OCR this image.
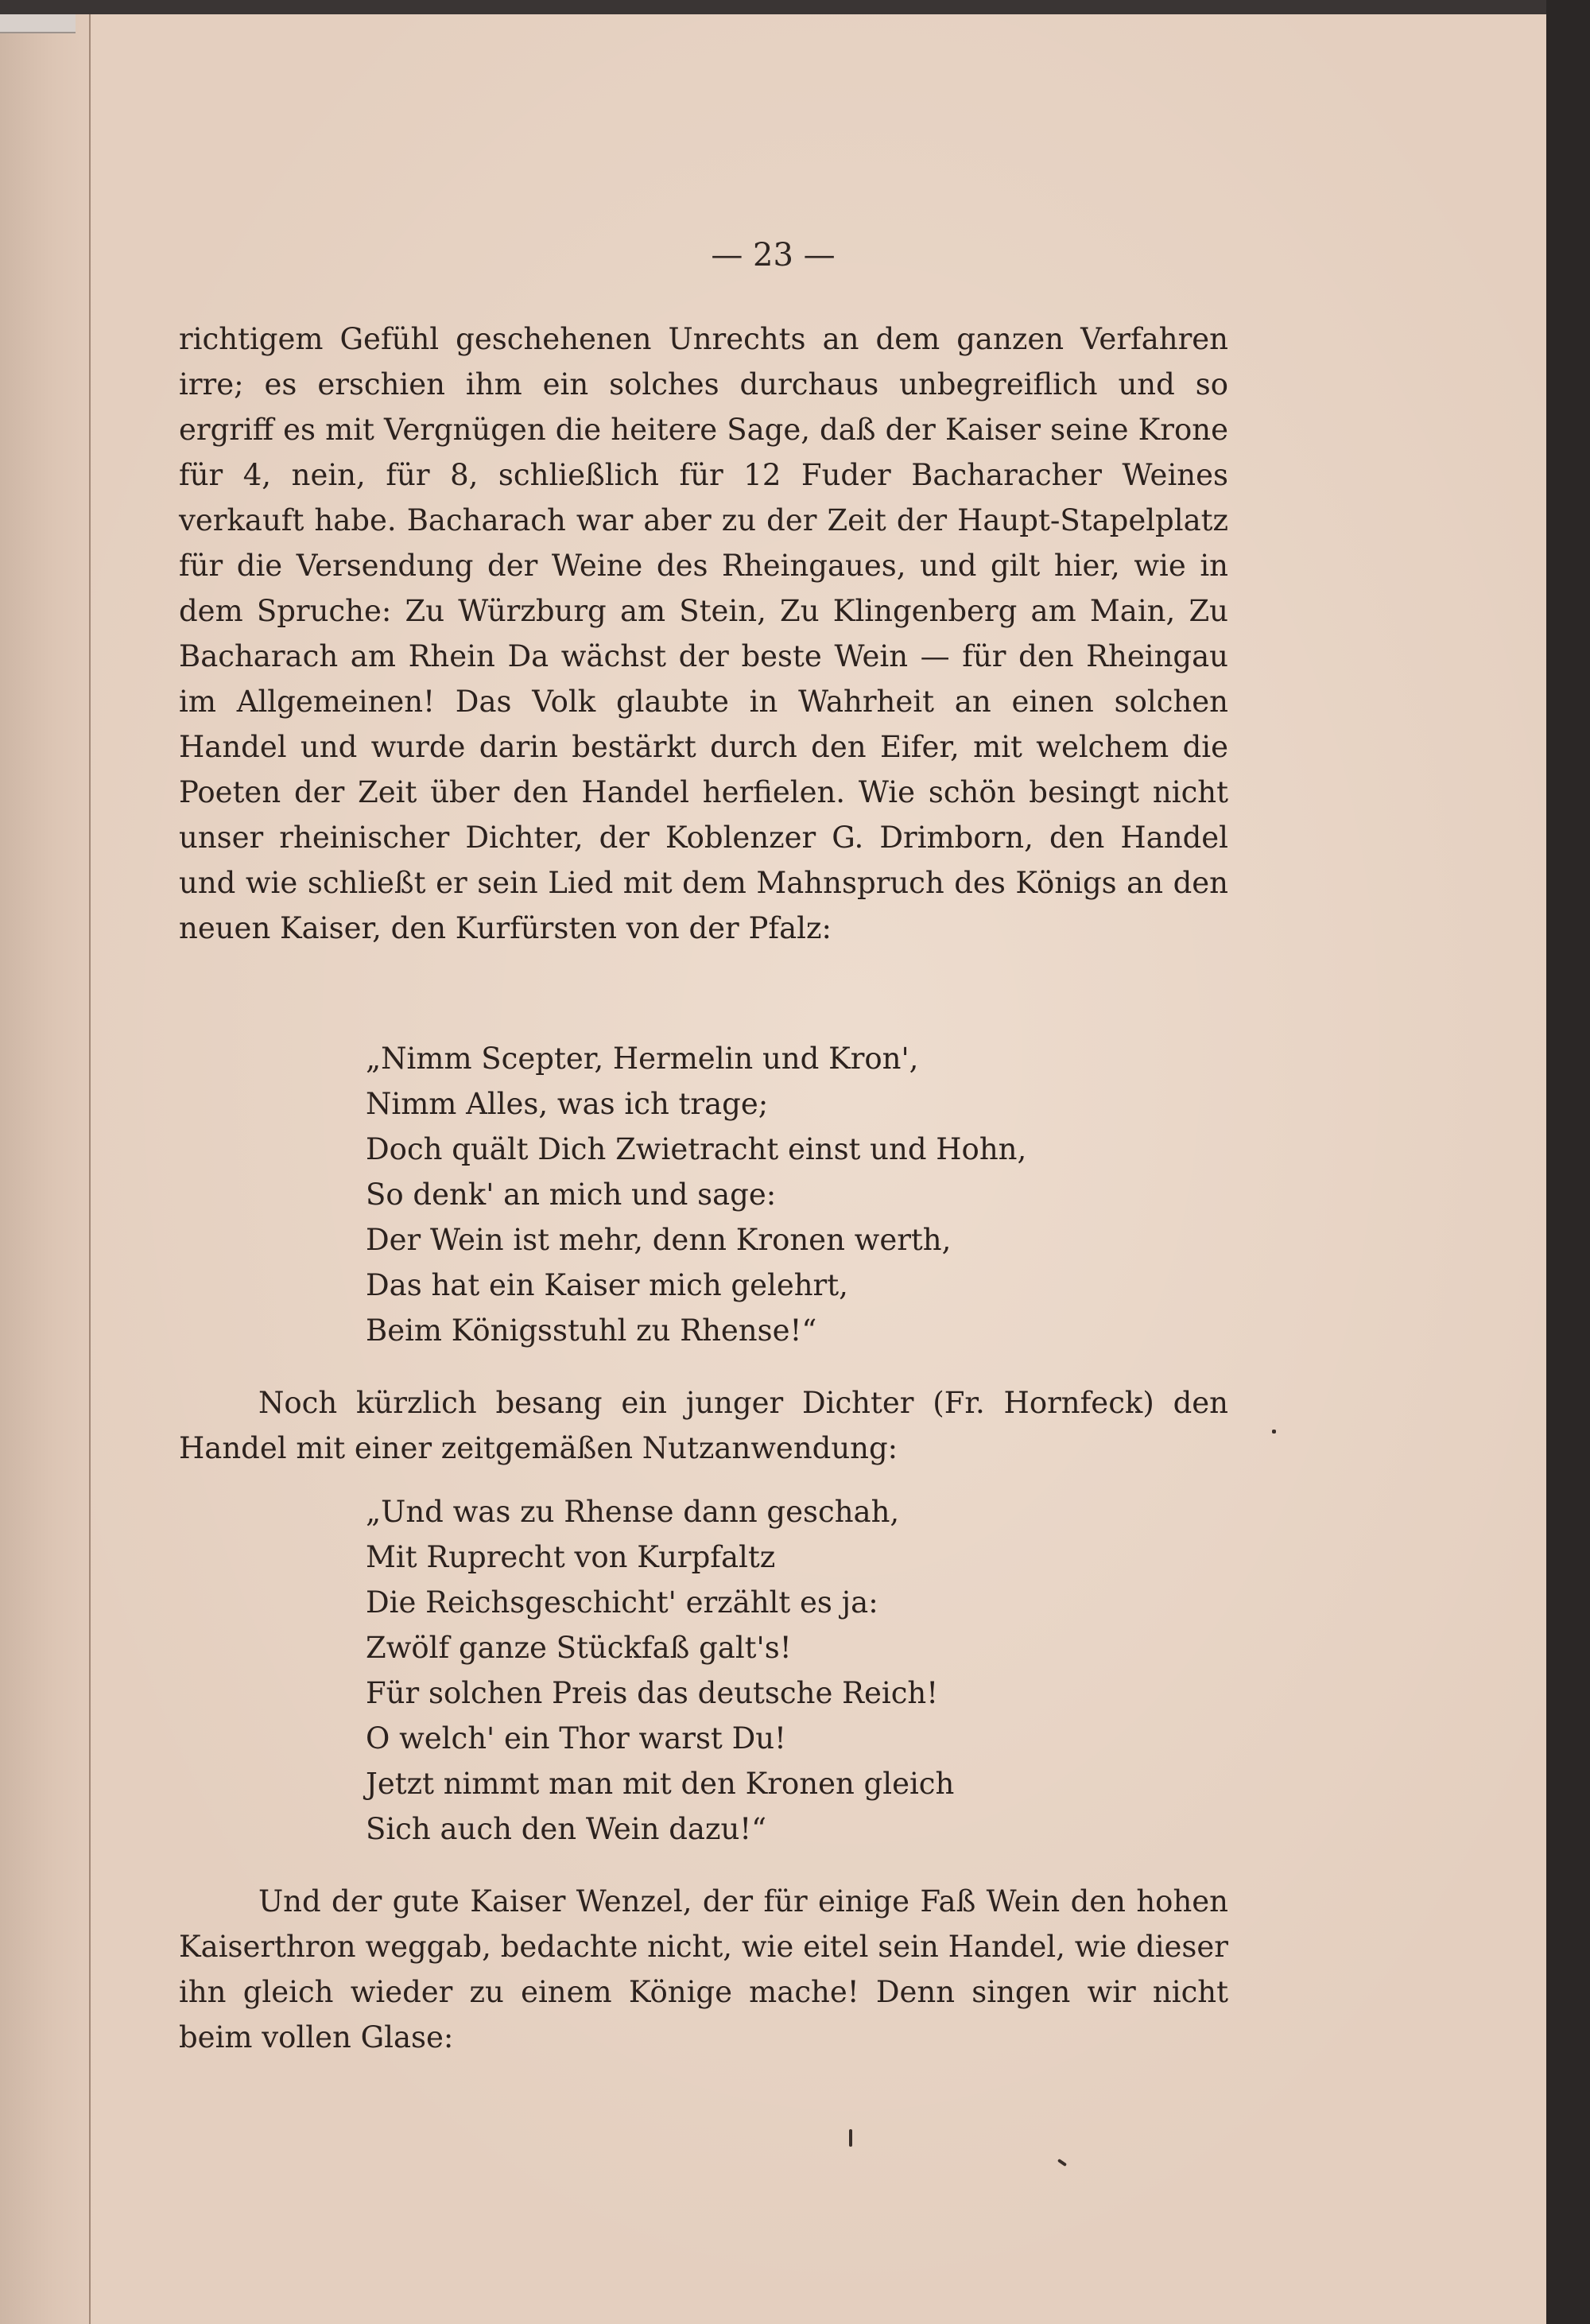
— 23 —

richtigem Gefühl geschehenen Unrechts an dem ganzen Verfahren irre; es erschien ihm ein solches durchaus unbegreiflich und so ergriff es mit Vergnügen die heitere Sage, daß der Kaiser seine Krone für 4, nein, für 8, schließlich für 12 Fuder Bacharacher Weines verkauft habe. Bacharach war aber zu der Zeit der Haupt-Stapelplatz für die Versendung der Weine des Rheingaues, und gilt hier, wie in dem Spruche: Zu Würzburg am Stein, Zu Klingenberg am Main, Zu Bacharach am Rhein Da wächst der beste Wein — für den Rheingau im Allgemeinen! Das Volk glaubte in Wahrheit an einen solchen Handel und wurde darin bestärkt durch den Eifer, mit welchem die Poeten der Zeit über den Handel herfielen. Wie schön besingt nicht unser rheinischer Dichter, der Koblenzer G. Drimborn, den Handel und wie schließt er sein Lied mit dem Mahnspruch des Königs an den neuen Kaiser, den Kurfürsten von der Pfalz:

„Nimm Scepter, Hermelin und Kron',
Nimm Alles, was ich trage;
Doch quält Dich Zwietracht einst und Hohn,
So denk' an mich und sage:
Der Wein ist mehr, denn Kronen werth,
Das hat ein Kaiser mich gelehrt,
Beim Königsstuhl zu Rhense!“

Noch kürzlich besang ein junger Dichter (Fr. Hornfeck) den Handel mit einer zeitgemäßen Nutzanwendung:

„Und was zu Rhense dann geschah,
Mit Ruprecht von Kurpfaltz
Die Reichsgeschicht' erzählt es ja:
Zwölf ganze Stückfaß galt's!
Für solchen Preis das deutsche Reich!
O welch' ein Thor warst Du!
Jetzt nimmt man mit den Kronen gleich
Sich auch den Wein dazu!“

Und der gute Kaiser Wenzel, der für einige Faß Wein den hohen Kaiserthron weggab, bedachte nicht, wie eitel sein Handel, wie dieser ihn gleich wieder zu einem Könige mache! Denn singen wir nicht beim vollen Glase:
